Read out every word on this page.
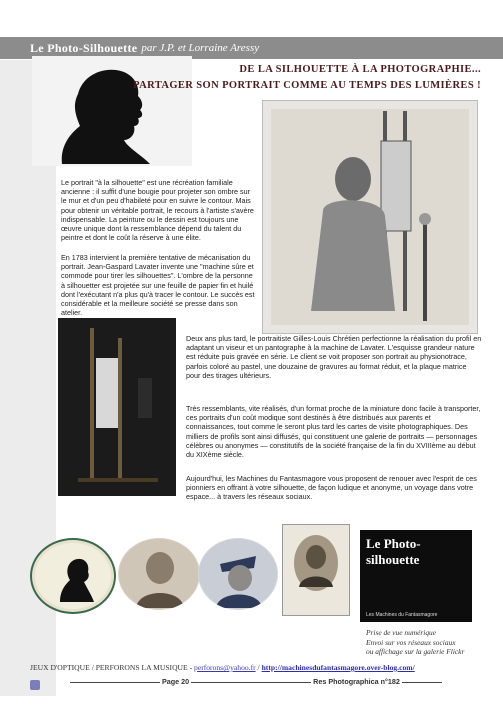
Le Photo-Silhouette par J.P. et Lorraine Aressy
DE LA SILHOUETTE À LA PHOTOGRAPHIE...
PARTAGER SON PORTRAIT COMME AU TEMPS DES LUMIÈRES !
Le portrait "à la silhouette" est une récréation familiale ancienne : il suffit d'une bougie pour projeter son ombre sur le mur et d'un peu d'habileté pour en suivre le contour. Mais pour obtenir un véritable portrait, le recours à l'artiste s'avère indispensable. La peinture ou le dessin est toujours une œuvre unique dont la ressemblance dépend du talent du peintre et dont le coût la réserve à une élite.
En 1783 intervient la première tentative de mécanisation du portrait. Jean-Gaspard Lavater invente une "machine sûre et commode pour tirer les silhouettes". L'ombre de la personne à silhouetter est projetée sur une feuille de papier fin et huilé dont l'exécutant n'a plus qu'à tracer le contour. Le succès est considérable et la meilleure société se presse dans son atelier.
Deux ans plus tard, le portraitiste Gilles-Louis Chrétien perfectionne la réalisation du profil en adaptant un viseur et un pantographe à la machine de Lavater. L'esquisse grandeur nature est réduite puis gravée en série. Le client se voit proposer son portrait au physionotrace, parfois coloré au pastel, une douzaine de gravures au format réduit, et la plaque matrice pour des tirages ultérieurs.
Très ressemblants, vite réalisés, d'un format proche de la miniature donc facile à transporter, ces portraits d'un coût modique sont destinés à être distribués aux parents et connaissances, tout comme le seront plus tard les cartes de visite photographiques. Des milliers de profils sont ainsi diffusés, qui constituent une galerie de portraits — personnages célèbres ou anonymes — constitutifs de la société française de la fin du XVIIIème au début du XIXème siècle.
Aujourd'hui, les Machines du Fantasmagore vous proposent de renouer avec l'esprit de ces pionniers en offrant à votre silhouette, de façon ludique et anonyme, un voyage dans votre espace... à travers les réseaux sociaux.
Le Photo-silhouette
Les Machines du Fantasmagore
Prise de vue numérique
Envoi sur vos réseaux sociaux
ou affichage sur la galerie Flickr
JEUX D'OPTIQUE / PERFORONS LA MUSIQUE - perforons@yahoo.fr / http://machinesdufantasmagore.over-blog.com/
Page 20	Res Photographica n°182
